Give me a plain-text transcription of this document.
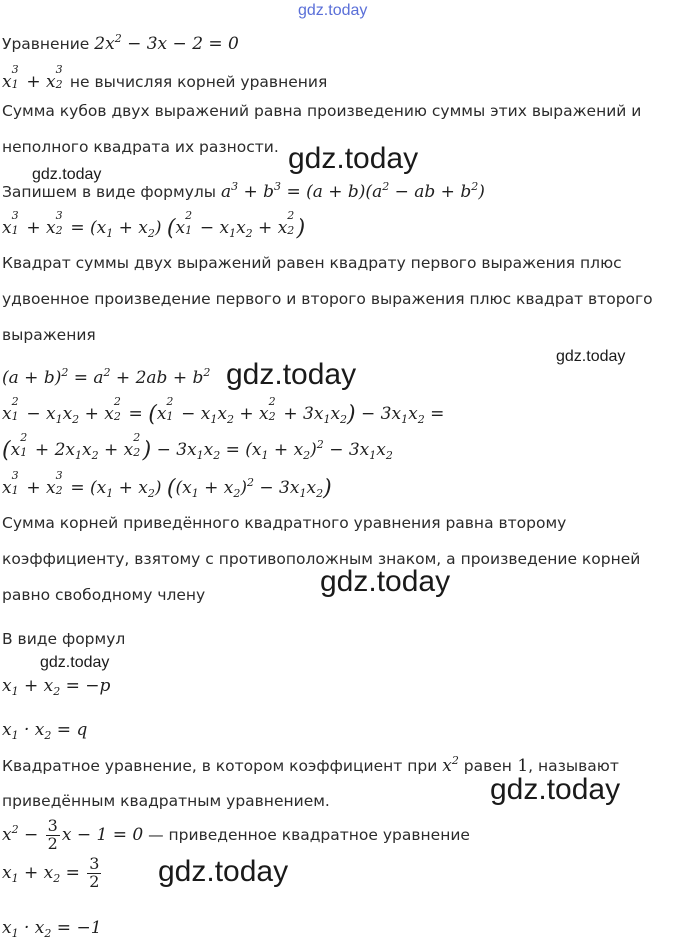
gdz.today
gdz.today
gdz.today
gdz.today
gdz.today
gdz.today
gdz.today
gdz.today
gdz.today
Уравнение $2x^2 - 3x - 2 = 0$
x
3
1 + x
3
2 не вычисляя корней уравнения
Сумма кубов двух выражений равна произведению суммы этих выражений и
неполного квадрата их разности.
Запишем в виде формулы $a^3 + b^3 = (a + b)(a^2$ − ab + $b^2$)
x
3
1 + x
3
$2 = (x_1 + x_2)$ (x
2
$1 - x_1x_2 + x$
2
2 )
Квадрат суммы двух выражений равен квадрату первого выражения плюс
удвоенное произведение первого и второго выражения плюс квадрат второго
выражения
$(a + b)^2 = a^2 + 2ab + b^2$
x
2
$1 - x_1x_2 + x$
2
2 = (x
2
$1 - x_1x_2 + x$
2
$2 + 3x_1x_2) - 3x_1x_2$ =
(x
2
$1 + 2x_1x_2 + x$
2
2 ) − $3x_1x_2 = (x_1 + x_2)^2 - 3x_1x_2$
x
3
1 + x
3
$2 = (x_1 + x_2) ((x_1 + x_2)^2 - 3x_1x_2)$
Сумма корней приведённого квадратного уравнения равна второму
коэффициенту, взятому с противоположным знаком, а произведение корней
равно свободному члену
В виде формул
$x_1 + x_2 = -p$
$x_1 \cdot x_2 = q$
Квадратное уравнение, в котором коэффициент при $x^2$ равен 1, называют
приведённым квадратным уравнением.
$x^2 - \frac{3}{2}$ x − 1 = 0 — приведенное квадратное уравнение
$x_1 + x_2 = \frac{3}{2}$
$x_1 \cdot x_2 = -1$
